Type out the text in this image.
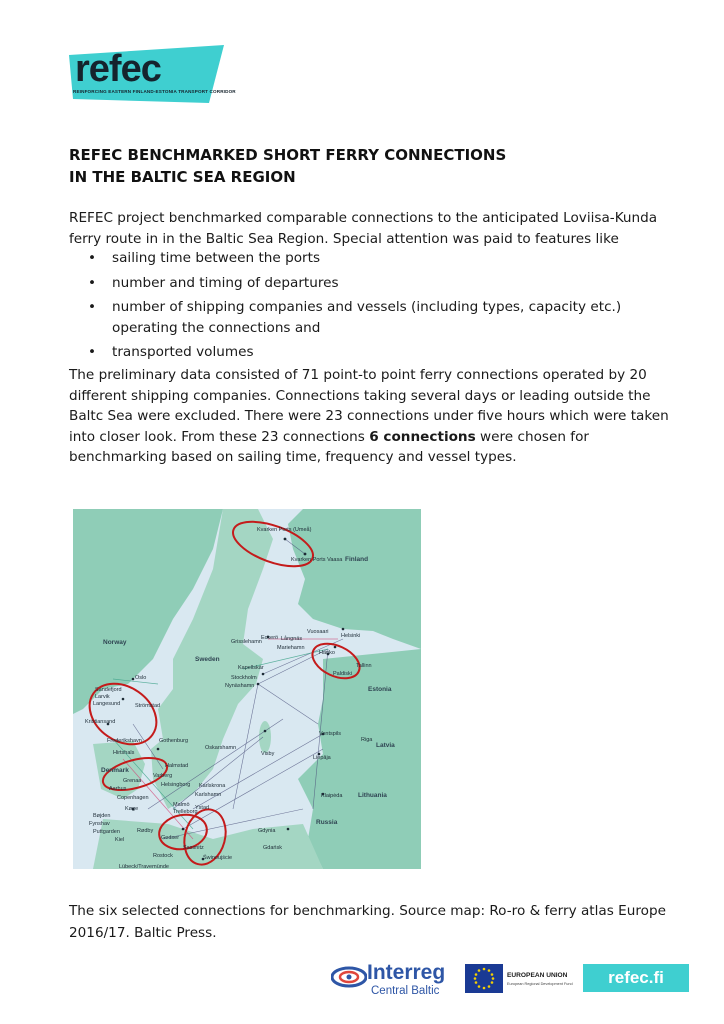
refec
REINFORCING EASTERN FINLAND-ESTONIA TRANSPORT CORRIDOR
REFEC BENCHMARKED SHORT FERRY CONNECTIONS
IN THE BALTIC SEA REGION

REFEC project benchmarked comparable connections to the anticipated Loviisa-Kunda ferry route in in the Baltic Sea Region. Special attention was paid to features like

• sailing time between the ports
• number and timing of departures
• number of shipping companies and vessels (including types, capacity etc.) operating the connections and
• transported volumes

The preliminary data consisted of 71 point-to point ferry connections operated by 20 different shipping companies. Connections taking several days or leading outside the Baltc Sea were excluded. There were 23 connections under five hours which were taken into closer look. From these 23 connections 6 connections were chosen for benchmarking based on sailing time, frequency and vessel types.

Norway
Sweden
Finland
Estonia
Latvia
Lithuania
Russia
Denmark
Kvarken Ports (Umeå)
Kvarken Ports Vaasa
Helsinki
Vuosaari
Hanko
Tallinn
Paldiski
Grisslehamn
Eckerö Långnäs
Mariehamn
Kapellskär
Stockholm
Nynäshamn
Oslo
Sandefjord
Larvik
Langesund	Strömstad
Kristiansand
Frederikshavn
Hirtshals
Gothenburg
Halmstad
Grenaa
Aarhus
Varberg
Helsingborg
Copenhagen
Køge
Malmö
Trelleborg
Ystad
Karlskrona
Karlshamn
Oskarshamn
Visby
Ventspils
Riga
Liepāja
Klaipėda
Gdynia
Gdańsk
Świnoujście
Rostock
Kiel
Lübeck/Travemünde
Puttgarden	Rødby
Gedser
Sassnitz
Fynshav
Bøjden

The six selected connections for benchmarking. Source map: Ro-ro & ferry atlas Europe 2016/17. Baltic Press.

Interreg
Central Baltic
EUROPEAN UNION
European Regional Development Fund	refec.fi
